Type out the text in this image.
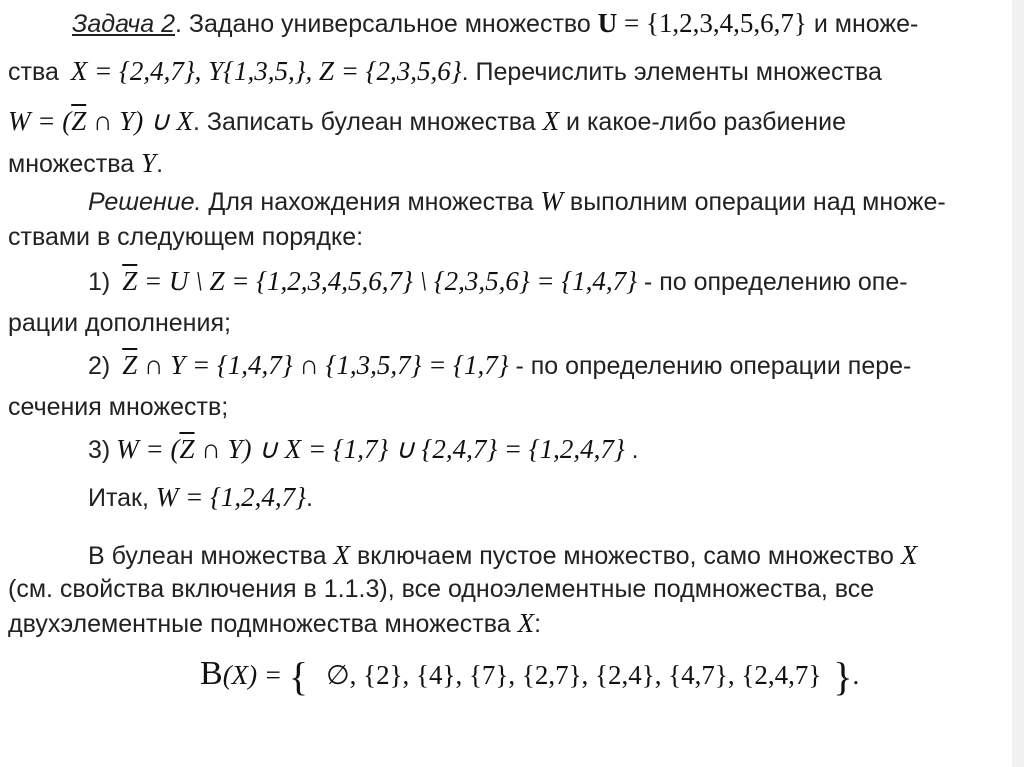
Задача 2. Задано универсальное множество U = {1,2,3,4,5,6,7} и множе-
ства X = {2,4,7}, Y{1,3,5,}, Z = {2,3,5,6}. Перечислить элементы множества
$W = (\overline{Z}$ ∩ Y) ∪ X. Записать булеан множества X и какое-либо разбиение
множества Y.
Решение. Для нахождения множества W выполним операции над множе-
ствами в следующем порядке:
1) $\overline{Z} = U$ \ Z = {1,2,3,4,5,6,7} \ {2,3,5,6} = {1,4,7} - по определению опе-
рации дополнения;
2) $\overline{Z}$ ∩ Y = {1,4,7} ∩ {1,3,5,7} = {1,7} - по определению операции пере-
сечения множеств;
3) $W = (\overline{Z}$ ∩ Y) ∪ X = {1,7} ∪ {2,4,7} = {1,2,4,7} .
Итак, W = {1,2,4,7}.
В булеан множества X включаем пустое множество, само множество X
(см. свойства включения в 1.1.3), все одноэлементные подмножества, все
двухэлементные подмножества множества X:
B(X) = { ∅, {2}, {4}, {7}, {2,7}, {2,4}, {4,7}, {2,4,7} }.
